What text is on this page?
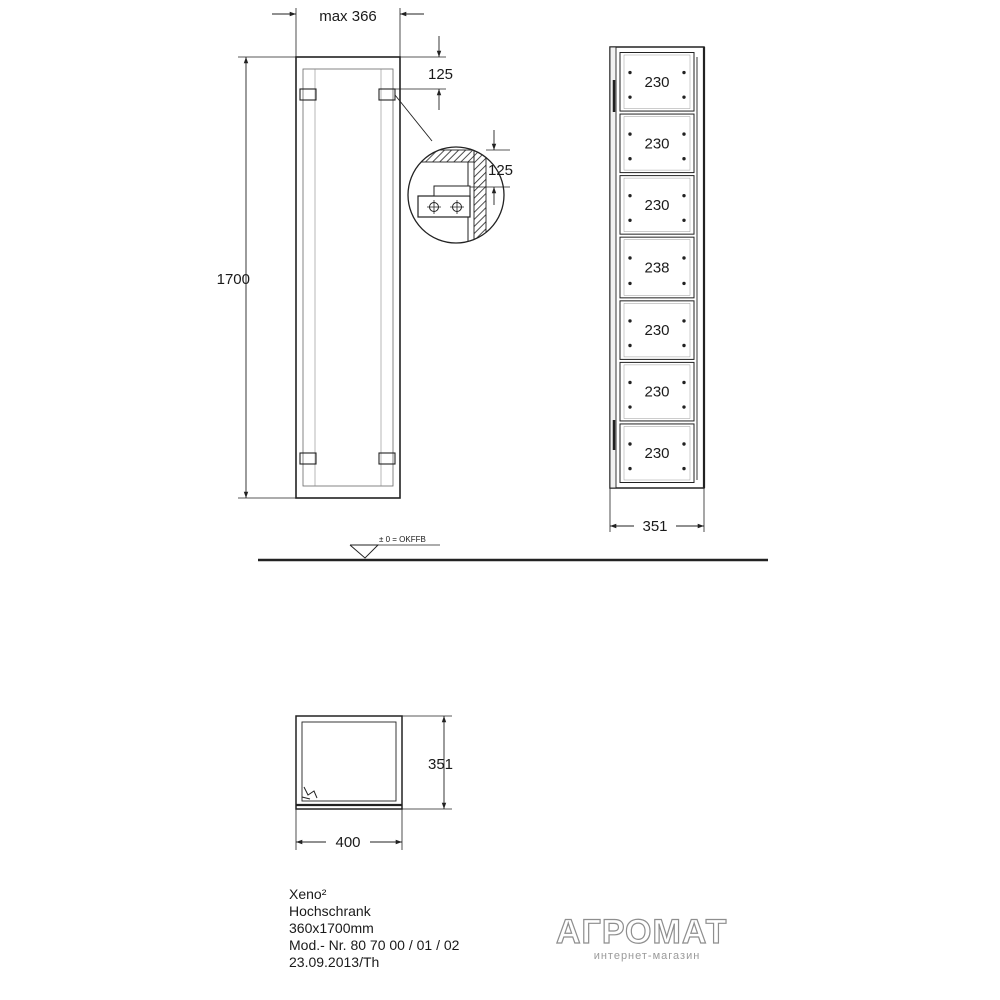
max 366
1700
125
125
230
230
230
238
230
230
230
351
± 0 = OKFFB
400
351
Xeno²
Hochschrank
360x1700mm
Mod.- Nr. 80 70 00 / 01 / 02
23.09.2013/Th
АГРОМАТ
интернет-магазин
